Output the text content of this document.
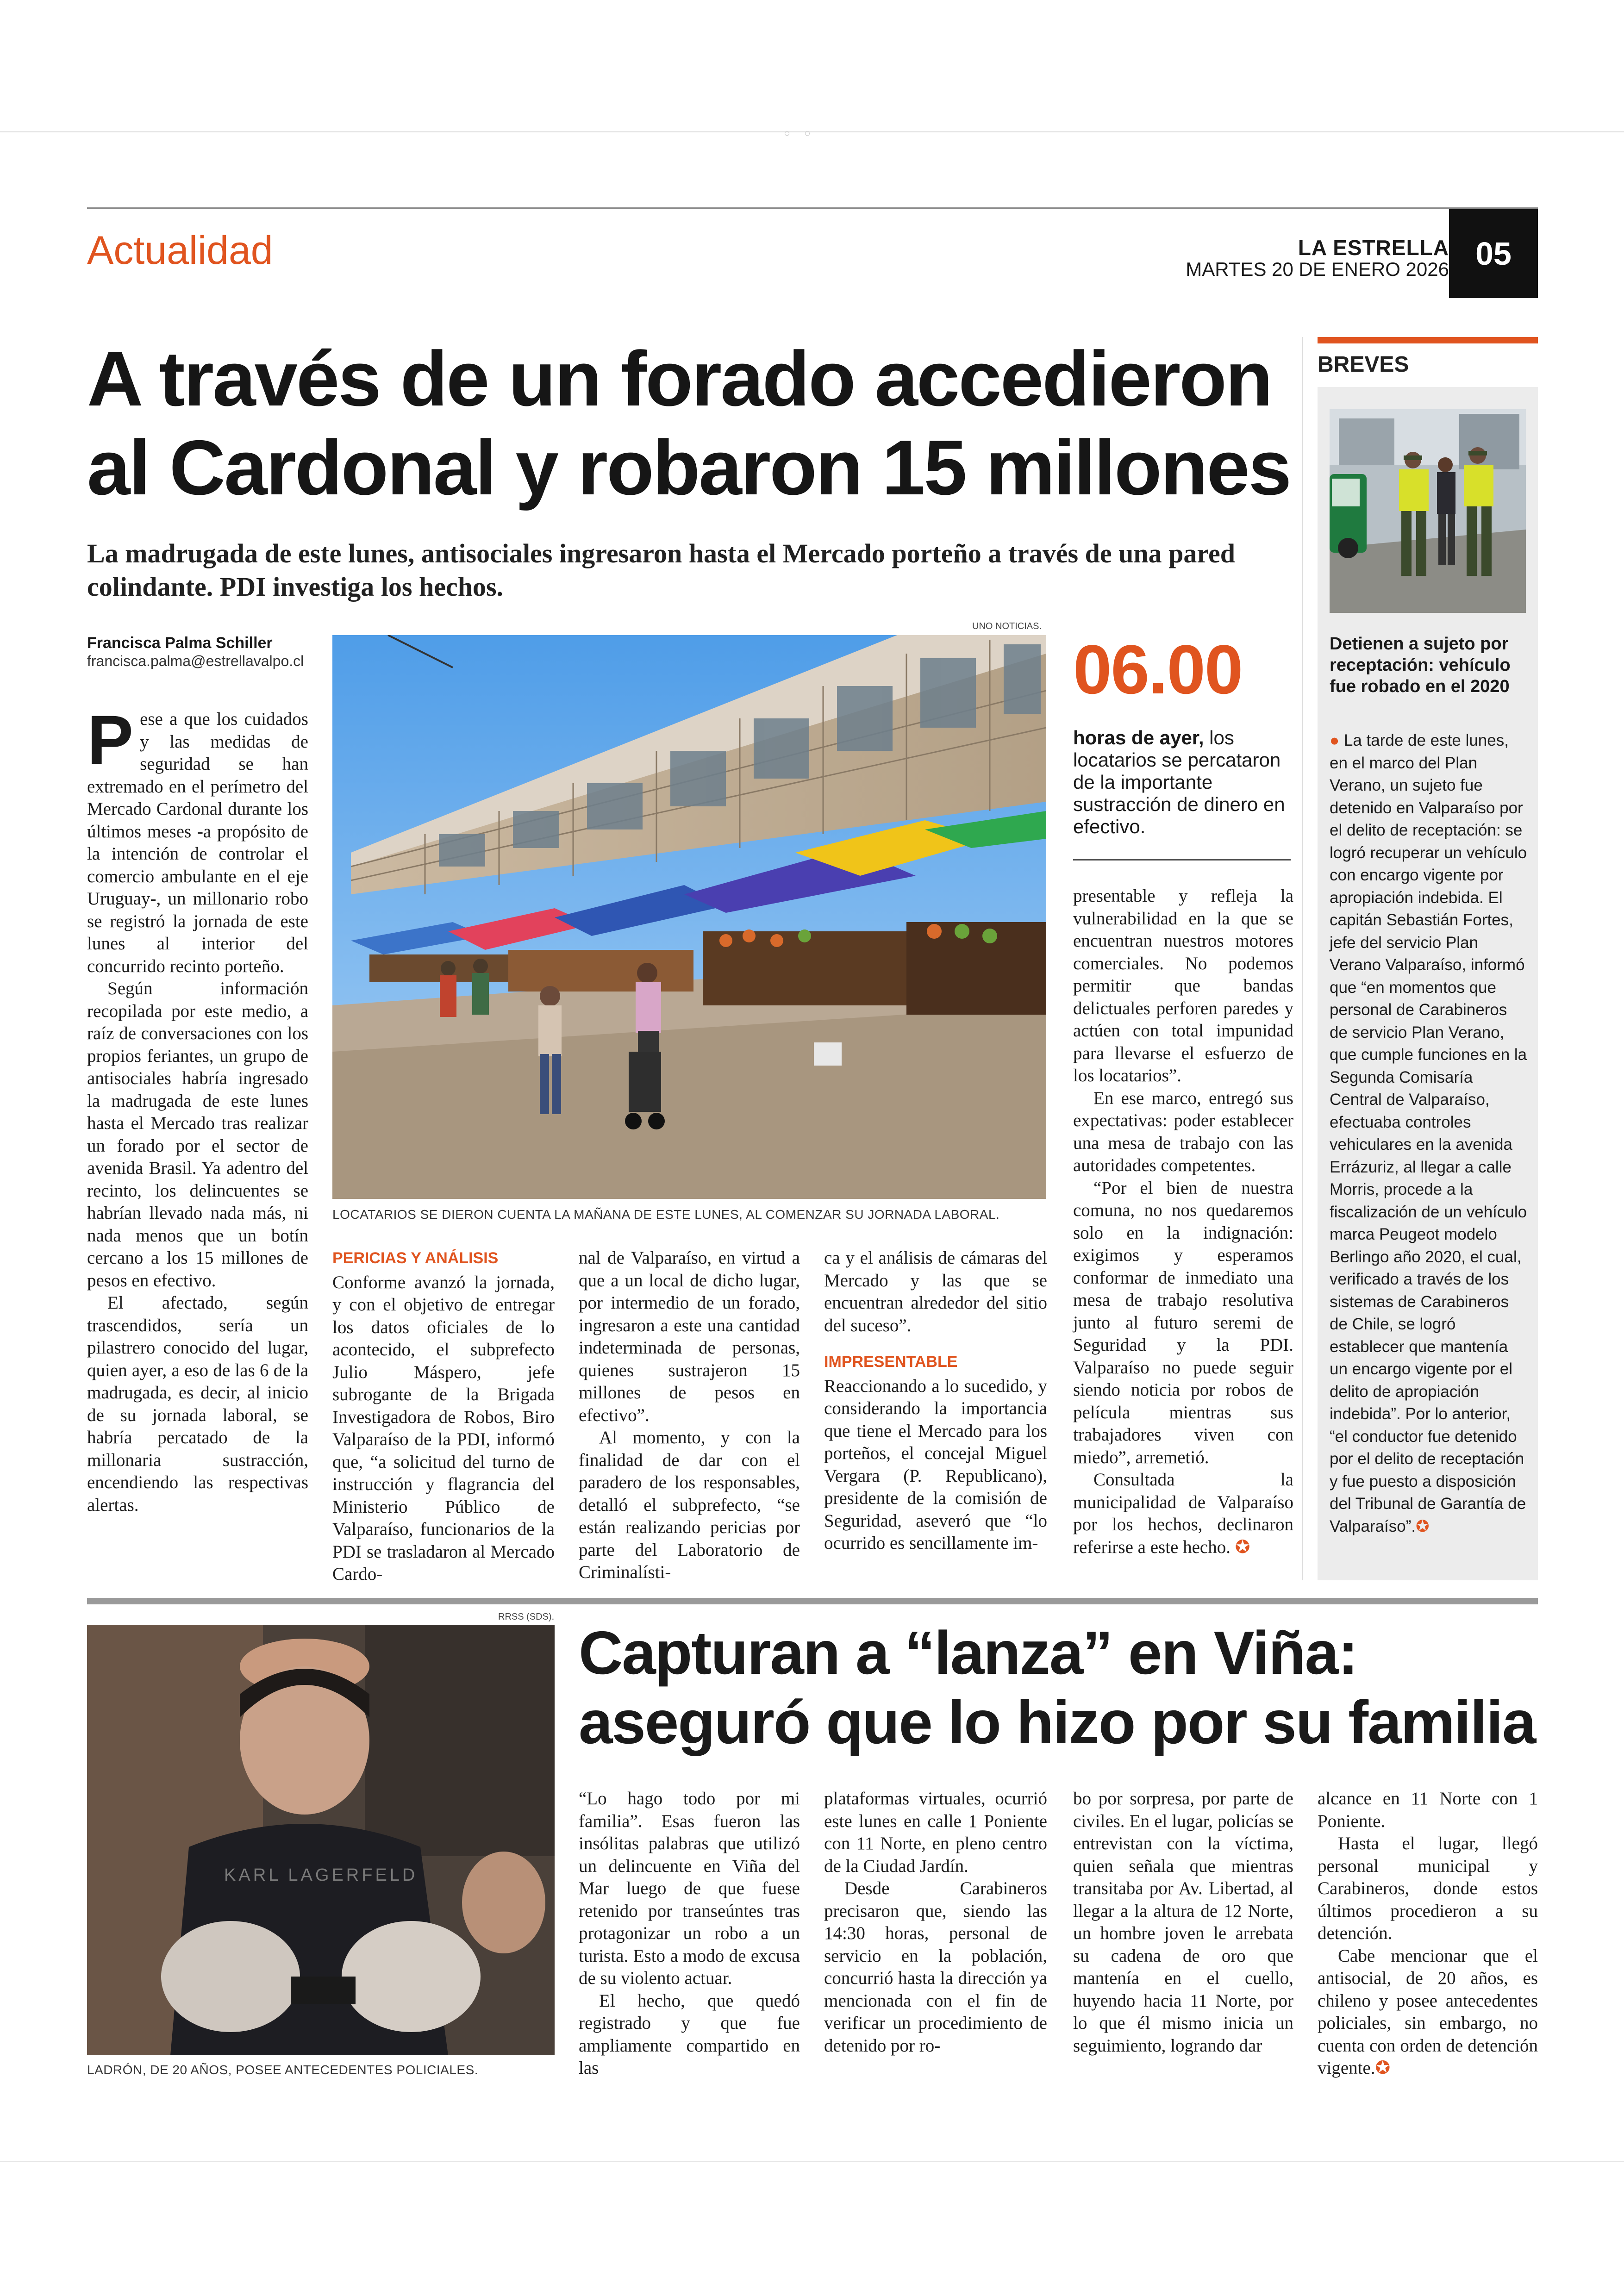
◦◦
Actualidad	LA ESTRELLA
MARTES 20 DE ENERO 2026 05
A través de un forado accedieron
al Cardonal y robaron 15 millones
La madrugada de este lunes, antisociales ingresaron hasta el Mercado porteño a través de una pared colindante. PDI investiga los hechos.
Francisca Palma Schiller
francisca.palma@estrellavalpo.cl
UNO NOTICIAS.
LOCATARIOS SE DIERON CUENTA LA MAÑANA DE ESTE LUNES, AL COMENZAR SU JORNADA LABORAL.
06.00
horas de ayer, los locatarios se percataron de la importante sustracción de dinero en efectivo.
P ese a que los cuidados y las medidas de seguridad se han extremado en el perímetro del Mercado Cardonal durante los últimos meses -a propósito de la intención de controlar el comercio ambulante en el eje Uruguay-, un millonario robo se registró la jornada de este lunes al interior del concurrido recinto porteño.

Según información recopilada por este medio, a raíz de conversaciones con los propios feriantes, un grupo de antisociales habría ingresado la madrugada de este lunes hasta el Mercado tras realizar un forado por el sector de avenida Brasil. Ya adentro del recinto, los delincuentes se habrían llevado nada más, ni nada menos que un botín cercano a los 15 millones de pesos en efectivo.

El afectado, según trascendidos, sería un pilastrero conocido del lugar, quien ayer, a eso de las 6 de la madrugada, es decir, al inicio de su jornada laboral, se habría percatado de la millonaria sustracción, encendiendo las respectivas alertas.

PERICIAS Y ANÁLISIS

Conforme avanzó la jornada, y con el objetivo de entregar los datos oficiales de lo acontecido, el subprefecto Julio Máspero, jefe subrogante de la Brigada Investigadora de Robos, Biro Valparaíso de la PDI, informó que, “a solicitud del turno de instrucción y flagrancia del Ministerio Público de Valparaíso, funcionarios de la PDI se trasladaron al Mercado Cardo-

nal de Valparaíso, en virtud a que a un local de dicho lugar, por intermedio de un forado, ingresaron a este una cantidad indeterminada de personas, quienes sustrajeron 15 millones de pesos en efectivo”.

Al momento, y con la finalidad de dar con el paradero de los responsables, detalló el subprefecto, “se están realizando pericias por parte del Laboratorio de Criminalísti-

ca y el análisis de cámaras del Mercado y las que se encuentran alrededor del sitio del suceso”.

IMPRESENTABLE

Reaccionando a lo sucedido, y considerando la importancia que tiene el Mercado para los porteños, el concejal Miguel Vergara (P. Republicano), presidente de la comisión de Seguridad, aseveró que “lo ocurrido es sencillamente im-

presentable y refleja la vulnerabilidad en la que se encuentran nuestros motores comerciales. No podemos permitir que bandas delictuales perforen paredes y actúen con total impunidad para llevarse el esfuerzo de los locatarios”.

En ese marco, entregó sus expectativas: poder establecer una mesa de trabajo con las autoridades competentes.

“Por el bien de nuestra comuna, no nos quedaremos solo en la indignación: exigimos y esperamos conformar de inmediato una mesa de trabajo resolutiva junto al futuro seremi de Seguridad y la PDI. Valparaíso no puede seguir siendo noticia por robos de película mientras sus trabajadores viven con miedo”, arremetió.

Consultada la municipalidad de Valparaíso por los hechos, declinaron referirse a este hecho. ✪

BREVES
Detienen a sujeto por receptación: vehículo fue robado en el 2020
● La tarde de este lunes, en el marco del Plan Verano, un sujeto fue detenido en Valparaíso por el delito de receptación: se logró recuperar un vehículo con encargo vigente por apropiación indebida. El capitán Sebastián Fortes, jefe del servicio Plan Verano Valparaíso, informó que “en momentos que personal de Carabineros de servicio Plan Verano, que cumple funciones en la Segunda Comisaría Central de Valparaíso, efectuaba controles vehiculares en la avenida Errázuriz, al llegar a calle Morris, procede a la fiscalización de un vehículo marca Peugeot modelo Berlingo año 2020, el cual, verificado a través de los sistemas de Carabineros de Chile, se logró establecer que mantenía un encargo vigente por el delito de apropiación indebida”. Por lo anterior, “el conductor fue detenido por el delito de receptación y fue puesto a disposición del Tribunal de Garantía de Valparaíso”.✪
RRSS (SDS).
KARL LAGERFELD
LADRÓN, DE 20 AÑOS, POSEE ANTECEDENTES POLICIALES.
Capturan a “lanza” en Viña:
aseguró que lo hizo por su familia

“Lo hago todo por mi familia”. Esas fueron las insólitas palabras que utilizó un delincuente en Viña del Mar luego de que fuese retenido por transeúntes tras protagonizar un robo a un turista. Esto a modo de excusa de su violento actuar.

El hecho, que quedó registrado y que fue ampliamente compartido en las

plataformas virtuales, ocurrió este lunes en calle 1 Poniente con 11 Norte, en pleno centro de la Ciudad Jardín.

Desde Carabineros precisaron que, siendo las 14:30 horas, personal de servicio en la población, concurrió hasta la dirección ya mencionada con el fin de verificar un procedimiento de detenido por ro-

bo por sorpresa, por parte de civiles. En el lugar, policías se entrevistan con la víctima, quien señala que mientras transitaba por Av. Libertad, al llegar a la altura de 12 Norte, un hombre joven le arrebata su cadena de oro que mantenía en el cuello, huyendo hacia 11 Norte, por lo que él mismo inicia un seguimiento, logrando dar

alcance en 11 Norte con 1 Poniente.

Hasta el lugar, llegó personal municipal y Carabineros, donde estos últimos procedieron a su detención.

Cabe mencionar que el antisocial, de 20 años, es chileno y posee antecedentes policiales, sin embargo, no cuenta con orden de detención vigente.✪
